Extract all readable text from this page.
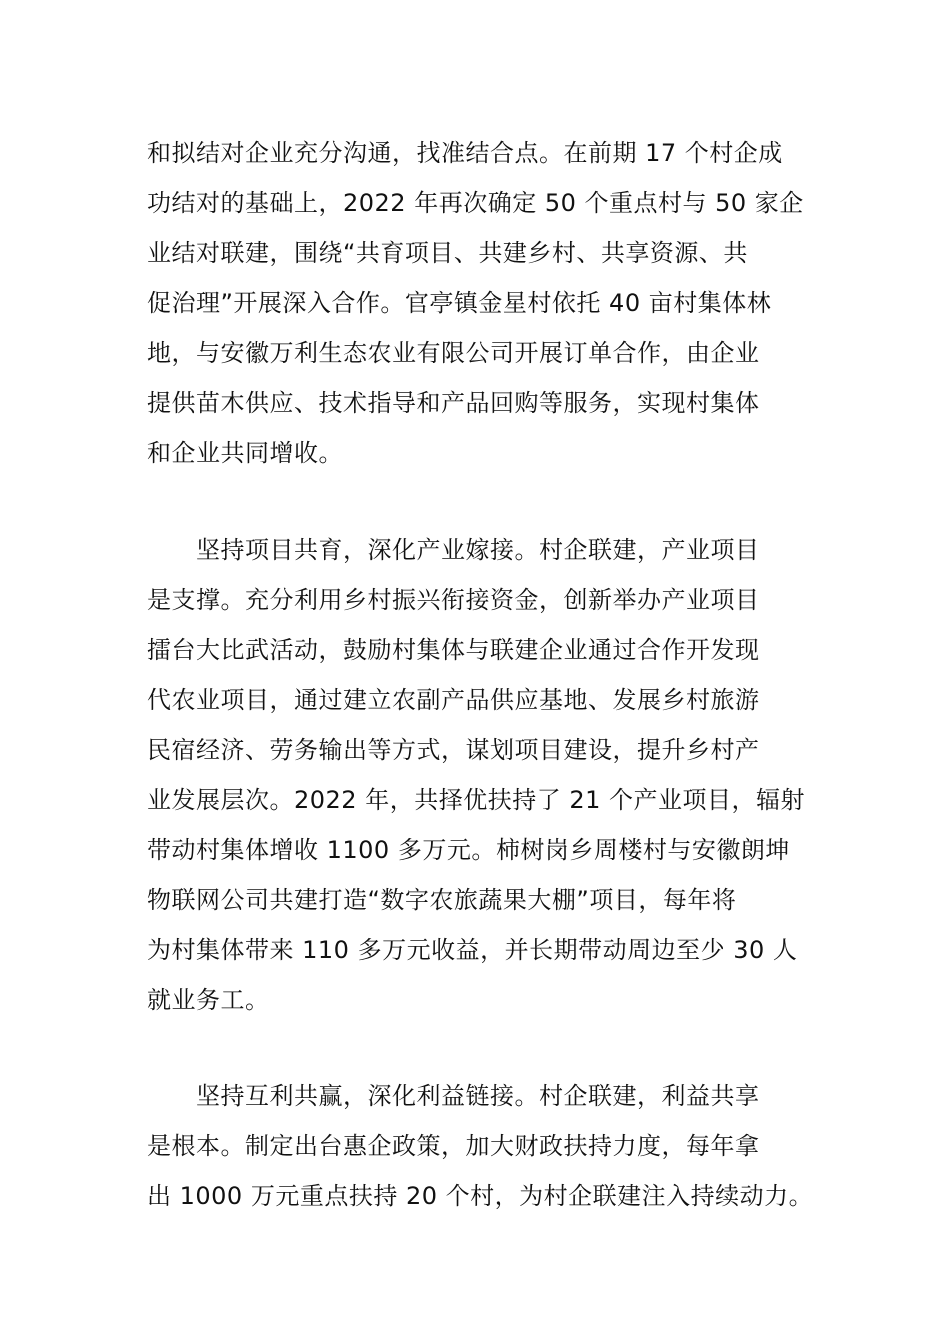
和拟结对企业充分沟通，找准结合点。在前期 17 个村企成
功结对的基础上，2022 年再次确定 50 个重点村与 50 家企
业结对联建，围绕“共育项目、共建乡村、共享资源、共
促治理”开展深入合作。官亭镇金星村依托 40 亩村集体林
地，与安徽万利生态农业有限公司开展订单合作，由企业
提供苗木供应、技术指导和产品回购等服务，实现村集体
和企业共同增收。
坚持项目共育，深化产业嫁接。村企联建，产业项目
是支撑。充分利用乡村振兴衔接资金，创新举办产业项目
擂台大比武活动，鼓励村集体与联建企业通过合作开发现
代农业项目，通过建立农副产品供应基地、发展乡村旅游
民宿经济、劳务输出等方式，谋划项目建设，提升乡村产
业发展层次。2022 年，共择优扶持了 21 个产业项目，辐射
带动村集体增收 1100 多万元。柿树岗乡周楼村与安徽朗坤
物联网公司共建打造“数字农旅蔬果大棚”项目，每年将
为村集体带来 110 多万元收益，并长期带动周边至少 30 人
就业务工。
坚持互利共赢，深化利益链接。村企联建，利益共享
是根本。制定出台惠企政策，加大财政扶持力度，每年拿
出 1000 万元重点扶持 20 个村，为村企联建注入持续动力。
